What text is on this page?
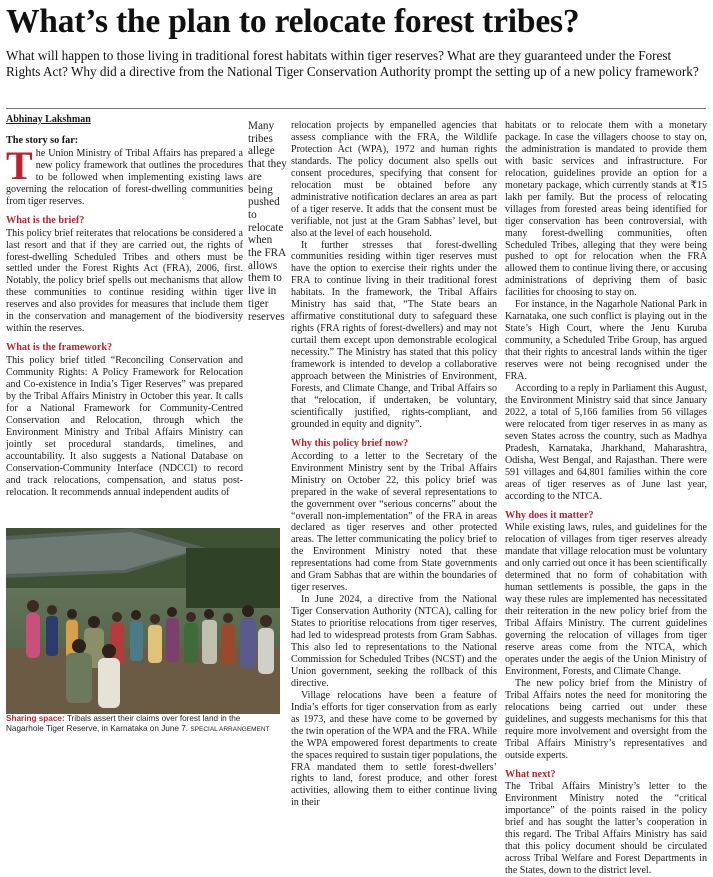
What’s the plan to relocate forest tribes?
What will happen to those living in traditional forest habitats within tiger reserves? What are they guaranteed under the Forest Rights Act? Why did a directive from the National Tiger Conservation Authority prompt the setting up of a new policy framework?
Abhinay Lakshman
The story so far:

The Union Ministry of Tribal Affairs has prepared a new policy framework that outlines the procedures to be followed when implementing existing laws governing the relocation of forest-dwelling communities from tiger reserves.

What is the brief?

This policy brief reiterates that relocations be considered a last resort and that if they are carried out, the rights of forest-dwelling Scheduled Tribes and others must be settled under the Forest Rights Act (FRA), 2006, first. Notably, the policy brief spells out mechanisms that allow these communities to continue residing within tiger reserves and also provides for measures that include them in the conservation and management of the biodiversity within the reserves.

What is the framework?

This policy brief titled “Reconciling Conservation and Community Rights: A Policy Framework for Relocation and Co-existence in India’s Tiger Reserves” was prepared by the Tribal Affairs Ministry in October this year. It calls for a National Framework for Community-Centred Conservation and Relocation, through which the Environment Ministry and Tribal Affairs Ministry can jointly set procedural standards, timelines, and accountability. It also suggests a National Database on Conservation-Community Interface (NDCCI) to record and track relocations, compensation, and status post-relocation. It recommends annual independent audits of

Many tribes allege that they are being pushed to relocate when the FRA allows them to live in tiger reserves
Sharing space: Tribals assert their claims over forest land in the Nagarhole Tiger Reserve, in Karnataka on June 7. SPECIAL ARRANGEMENT

relocation projects by empanelled agencies that assess compliance with the FRA, the Wildlife Protection Act (WPA), 1972 and human rights standards. The policy document also spells out consent procedures, specifying that consent for relocation must be obtained before any administrative notification declares an area as part of a tiger reserve. It adds that the consent must be verifiable, not just at the Gram Sabhas’ level, but also at the level of each household.

It further stresses that forest-dwelling communities residing within tiger reserves must have the option to exercise their rights under the FRA to continue living in their traditional forest habitats. In the framework, the Tribal Affairs Ministry has said that, “The State bears an affirmative constitutional duty to safeguard these rights (FRA rights of forest-dwellers) and may not curtail them except upon demonstrable ecological necessity.” The Ministry has stated that this policy framework is intended to develop a collaborative approach between the Ministries of Environment, Forests, and Climate Change, and Tribal Affairs so that “relocation, if undertaken, be voluntary, scientifically justified, rights-compliant, and grounded in equity and dignity”.

Why this policy brief now?

According to a letter to the Secretary of the Environment Ministry sent by the Tribal Affairs Ministry on October 22, this policy brief was prepared in the wake of several representations to the government over “serious concerns” about the “overall non-implementation” of the FRA in areas declared as tiger reserves and other protected areas. The letter communicating the policy brief to the Environment Ministry noted that these representations had come from State governments and Gram Sabhas that are within the boundaries of tiger reserves.

In June 2024, a directive from the National Tiger Conservation Authority (NTCA), calling for States to prioritise relocations from tiger reserves, had led to widespread protests from Gram Sabhas. This also led to representations to the National Commission for Scheduled Tribes (NCST) and the Union government, seeking the rollback of this directive.

Village relocations have been a feature of India’s efforts for tiger conservation from as early as 1973, and these have come to be governed by the twin operation of the WPA and the FRA. While the WPA empowered forest departments to create the spaces required to sustain tiger populations, the FRA mandated them to settle forest-dwellers’ rights to land, forest produce, and other forest activities, allowing them to either continue living in their

habitats or to relocate them with a monetary package. In case the villagers choose to stay on, the administration is mandated to provide them with basic services and infrastructure. For relocation, guidelines provide an option for a monetary package, which currently stands at ₹15 lakh per family. But the process of relocating villages from forested areas being identified for tiger conservation has been controversial, with many forest-dwelling communities, often Scheduled Tribes, alleging that they were being pushed to opt for relocation when the FRA allowed them to continue living there, or accusing administrations of depriving them of basic facilities for choosing to stay on.

For instance, in the Nagarhole National Park in Karnataka, one such conflict is playing out in the State’s High Court, where the Jenu Kuruba community, a Scheduled Tribe Group, has argued that their rights to ancestral lands within the tiger reserves were not being recognised under the FRA.

According to a reply in Parliament this August, the Environment Ministry said that since January 2022, a total of 5,166 families from 56 villages were relocated from tiger reserves in as many as seven States across the country, such as Madhya Pradesh, Karnataka, Jharkhand, Maharashtra, Odisha, West Bengal, and Rajasthan. There were 591 villages and 64,801 families within the core areas of tiger reserves as of June last year, according to the NTCA.

Why does it matter?

While existing laws, rules, and guidelines for the relocation of villages from tiger reserves already mandate that village relocation must be voluntary and only carried out once it has been scientifically determined that no form of cohabitation with human settlements is possible, the gaps in the way these rules are implemented has necessitated their reiteration in the new policy brief from the Tribal Affairs Ministry. The current guidelines governing the relocation of villages from tiger reserve areas come from the NTCA, which operates under the aegis of the Union Ministry of Environment, Forests, and Climate Change.

The new policy brief from the Ministry of Tribal Affairs notes the need for monitoring the relocations being carried out under these guidelines, and suggests mechanisms for this that require more involvement and oversight from the Tribal Affairs Ministry’s representatives and outside experts.

What next?

The Tribal Affairs Ministry’s letter to the Environment Ministry noted the “critical importance” of the points raised in the policy brief and has sought the latter’s cooperation in this regard. The Tribal Affairs Ministry has said that this policy document should be circulated across Tribal Welfare and Forest Departments in the States, down to the district level.
